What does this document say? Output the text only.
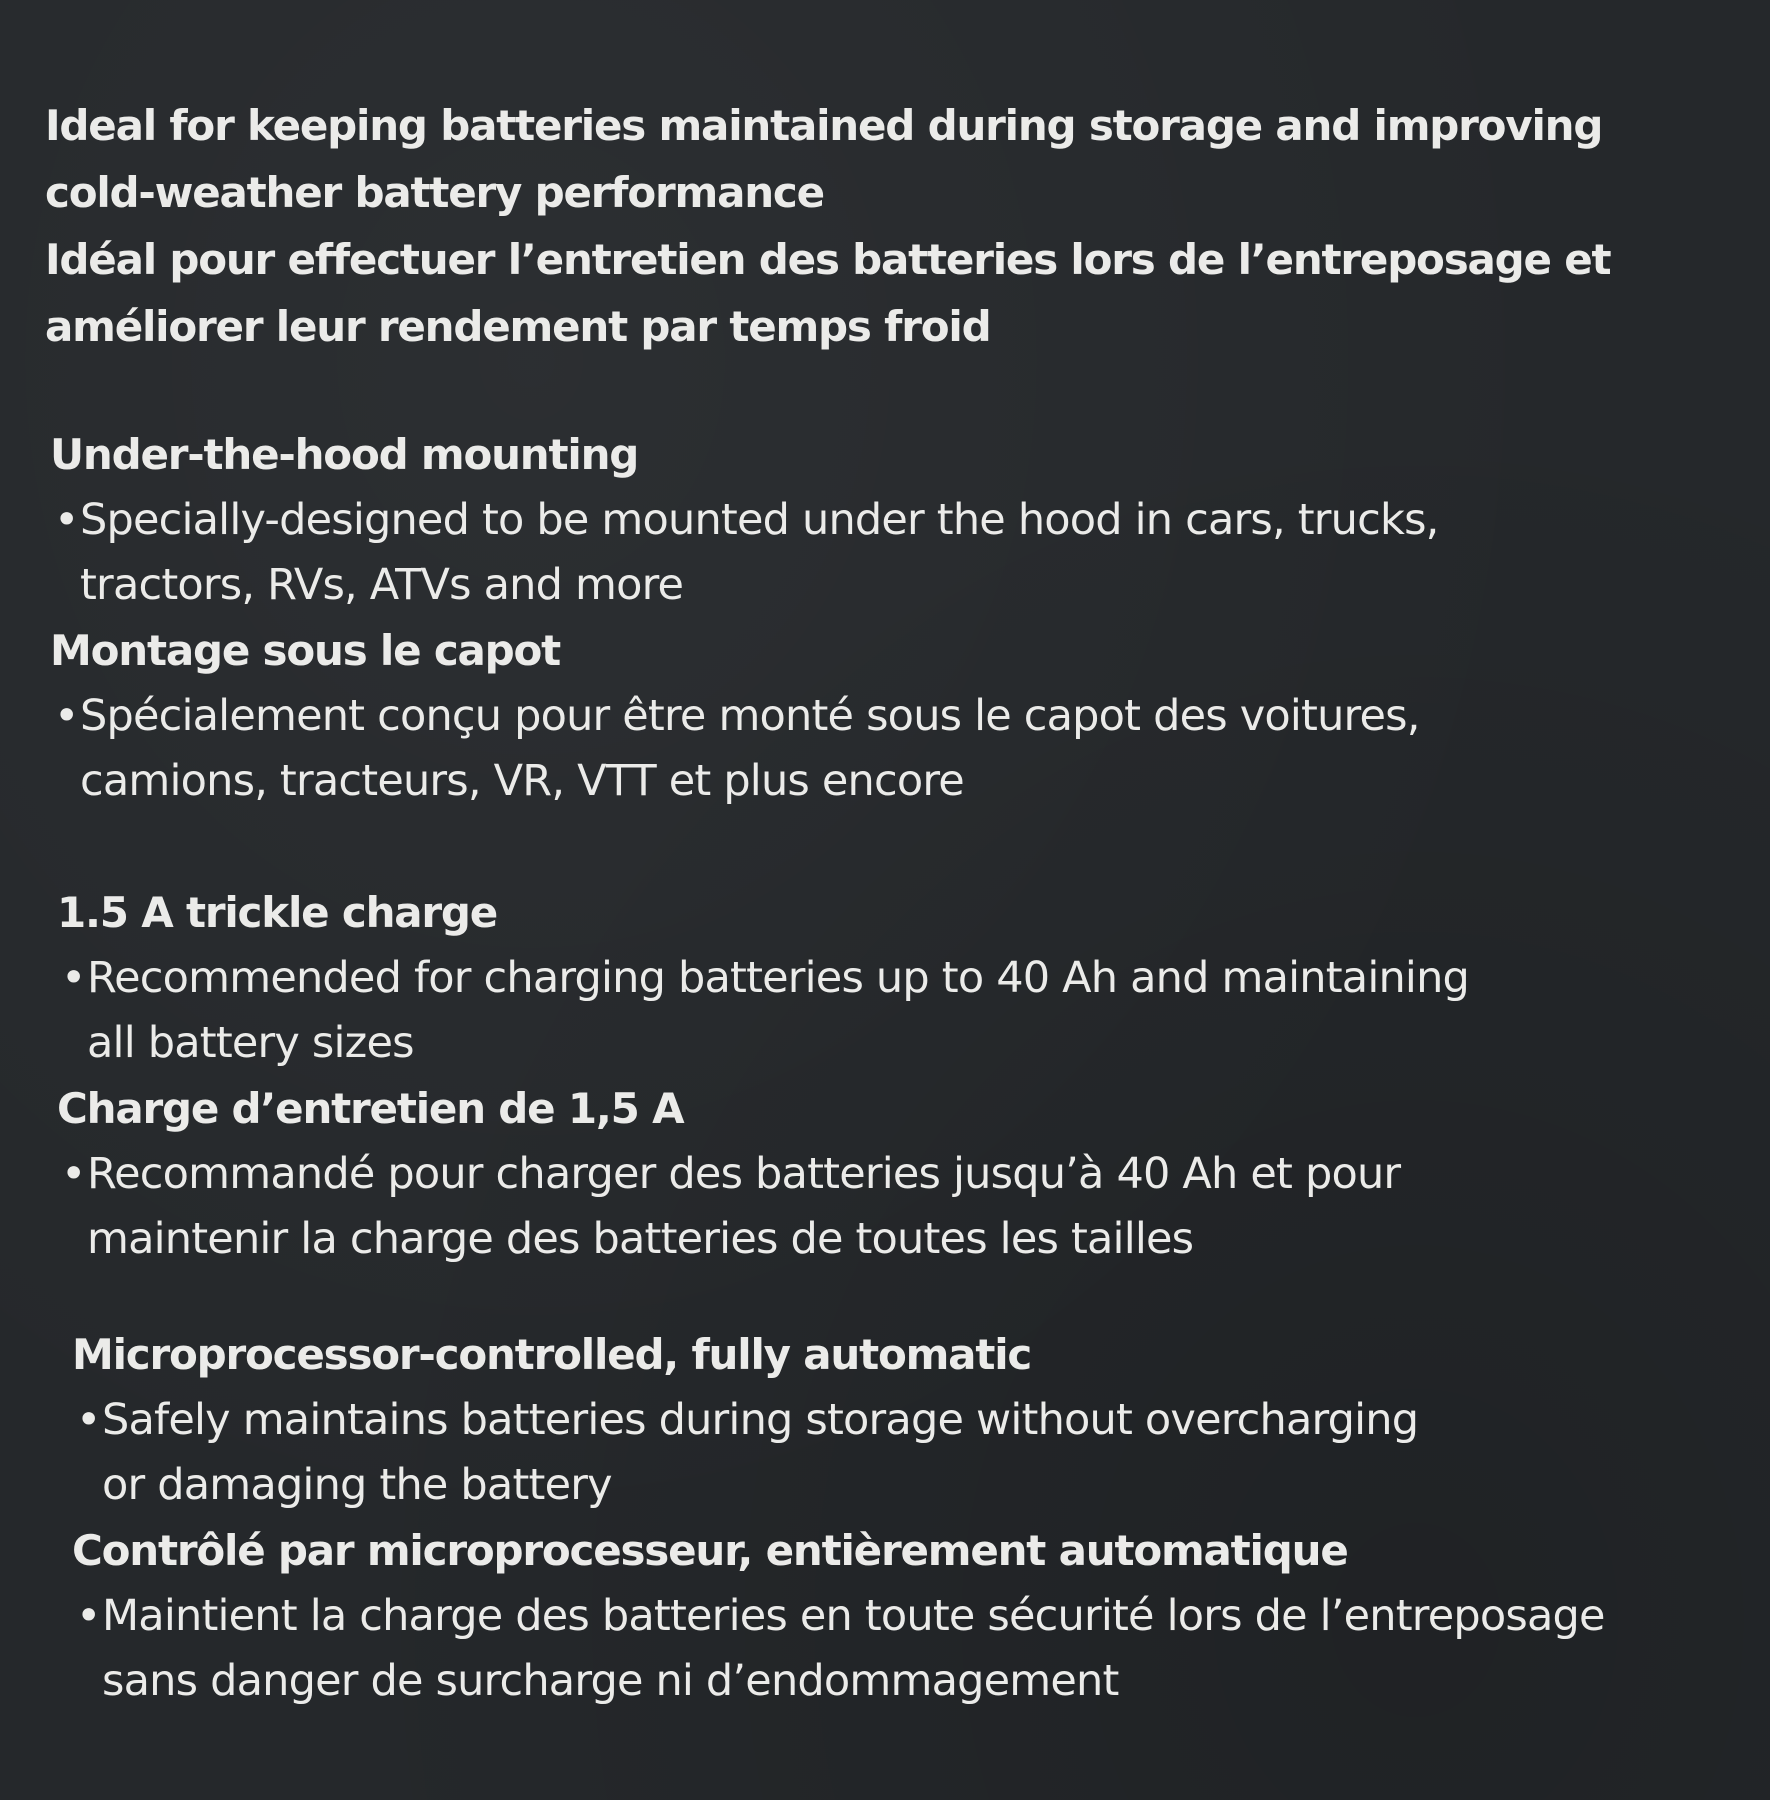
Ideal for keeping batteries maintained during storage and improving

cold-weather battery performance

Idéal pour effectuer l’entretien des batteries lors de l’entreposage et

améliorer leur rendement par temps froid

Under-the-hood mounting
• Specially-designed to be mounted under the hood in cars, trucks,
tractors, RVs, ATVs and more
Montage sous le capot
• Spécialement conçu pour être monté sous le capot des voitures,
camions, tracteurs, VR, VTT et plus encore
1.5 A trickle charge
• Recommended for charging batteries up to 40 Ah and maintaining
all battery sizes
Charge d’entretien de 1,5 A
• Recommandé pour charger des batteries jusqu’à 40 Ah et pour
maintenir la charge des batteries de toutes les tailles
Microprocessor-controlled, fully automatic
• Safely maintains batteries during storage without overcharging
or damaging the battery
Contrôlé par microprocesseur, entièrement automatique
• Maintient la charge des batteries en toute sécurité lors de l’entreposage
sans danger de surcharge ni d’endommagement
